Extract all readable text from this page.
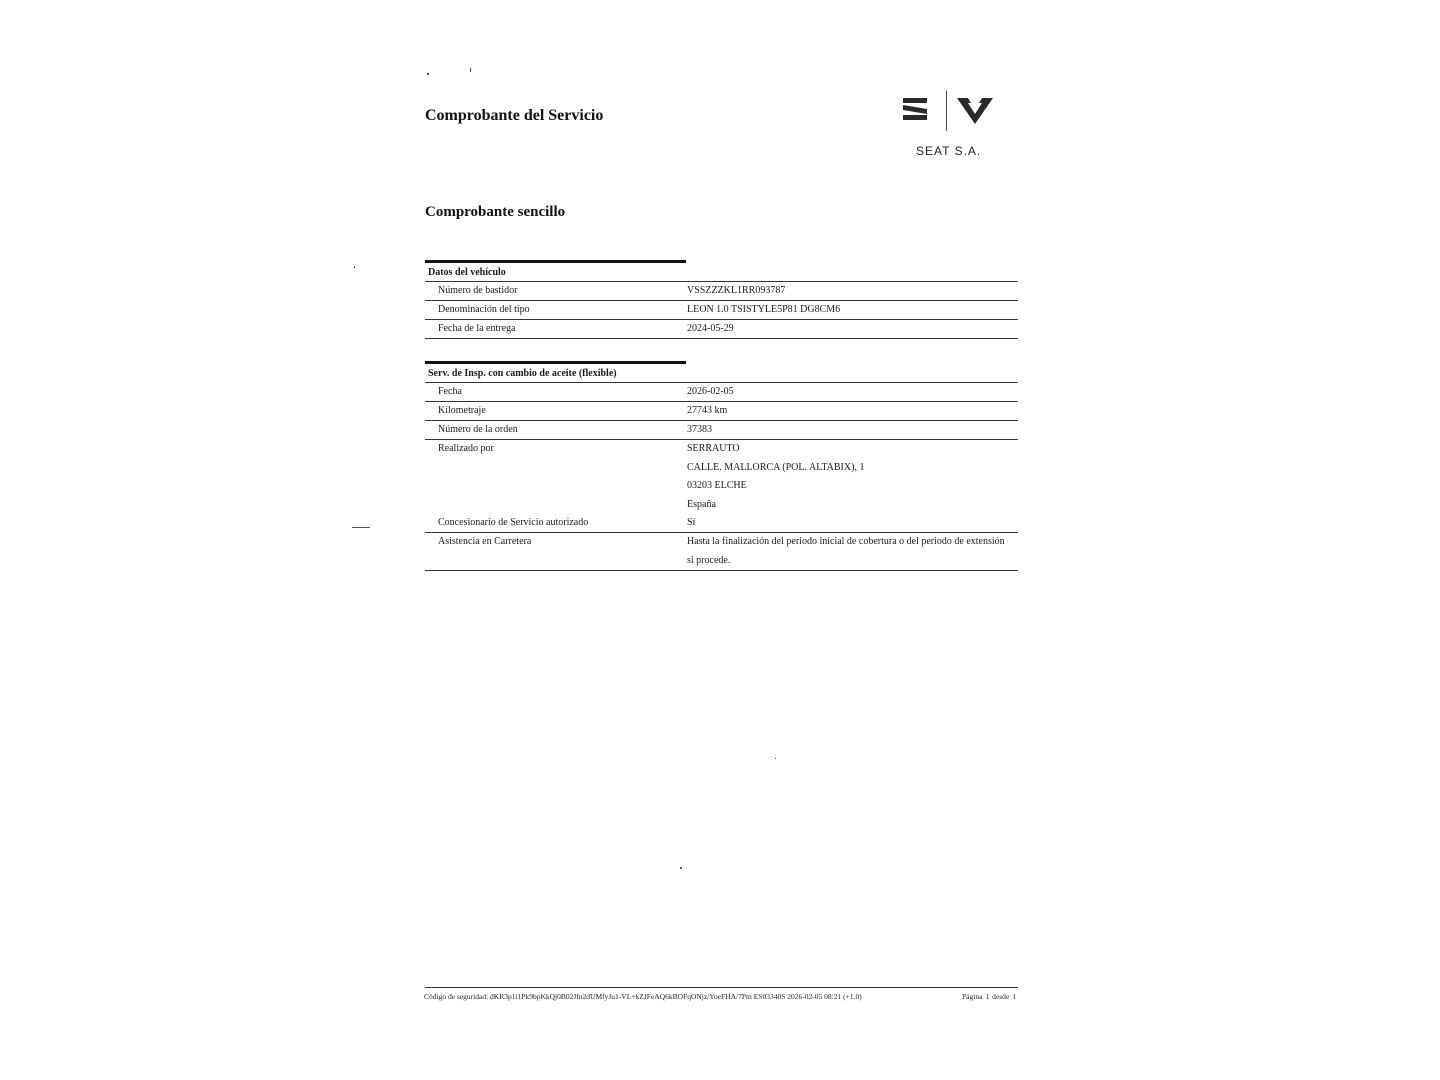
Comprobante del Servicio
SEAT S.A.
Comprobante sencillo
Datos del vehículo
Número de bastidor	VSSZZZKL1RR093787
Denominación del tipo	LEON 1.0 TSISTYLE5P81 DG8CM6
Fecha de la entrega	2024-05-29
Serv. de Insp. con cambio de aceite (flexible)
Fecha	2026-02-05
Kilometraje	27743 km
Número de la orden	37383
Realizado por	SERRAUTO
CALLE. MALLORCA (POL. ALTABIX), 1
03203 ELCHE
España
Concesionario de Servicio autorizado	Sí
Asistencia en Carretera	Hasta la finalización del periodo inicial de cobertura o del periodo de extensión
si procede.
Código de seguridad: dKR3p1i1Pk9bpKkQj0B02Jfn2dUMfyJu1-VL+kZJFeAQ6kBOFqONjz/YoeFHA/7Pm ES03340S 2026-02-05 08:21 (+1.0)	Página 1 desde 1
